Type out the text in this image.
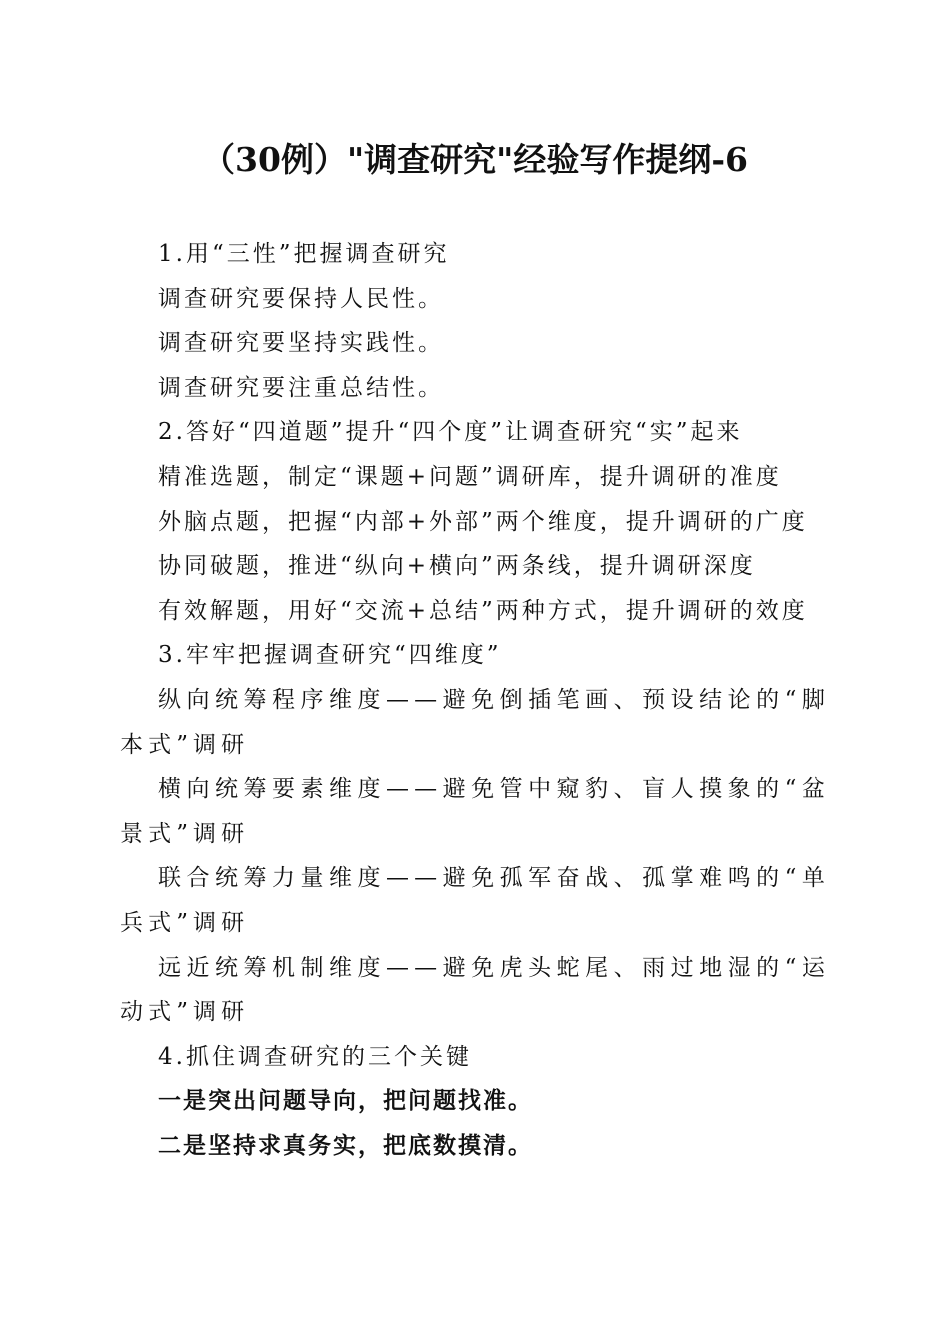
（30例）"调查研究"经验写作提纲-6

1.用“三性”把握调查研究

调查研究要保持人民性。

调查研究要坚持实践性。

调查研究要注重总结性。

2.答好“四道题”提升“四个度”让调查研究“实”起来

精准选题，制定“课题+问题”调研库，提升调研的准度

外脑点题，把握“内部+外部”两个维度，提升调研的广度

协同破题，推进“纵向+横向”两条线，提升调研深度

有效解题，用好“交流+总结”两种方式，提升调研的效度

3.牢牢把握调查研究“四维度”

纵向统筹程序维度——避免倒插笔画、预设结论的“脚本式”调研

横向统筹要素维度——避免管中窥豹、盲人摸象的“盆景式”调研

联合统筹力量维度——避免孤军奋战、孤掌难鸣的“单兵式”调研

远近统筹机制维度——避免虎头蛇尾、雨过地湿的“运动式”调研

4.抓住调查研究的三个关键

一是突出问题导向，把问题找准。

二是坚持求真务实，把底数摸清。
